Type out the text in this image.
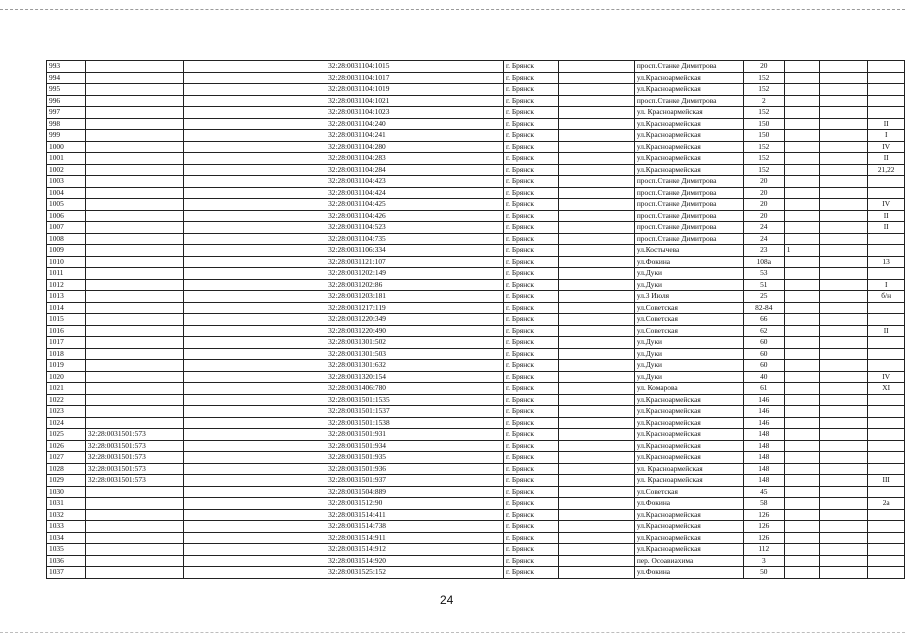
993		32:28:0031104:1015	г. Брянск		просп.Станке Димитрова	20			
994		32:28:0031104:1017	г. Брянск		ул.Красноармейская	152			
995		32:28:0031104:1019	г. Брянск		ул.Красноармейская	152			
996		32:28:0031104:1021	г. Брянск		просп.Станке Димитрова	2			
997		32:28:0031104:1023	г. Брянск		ул. Красноармейская	152			
998		32:28:0031104:240	г. Брянск		ул.Красноармейская	150			II
999		32:28:0031104:241	г. Брянск		ул.Красноармейская	150			I
1000		32:28:0031104:280	г. Брянск		ул.Красноармейская	152			IV
1001		32:28:0031104:283	г. Брянск		ул.Красноармейская	152			II
1002		32:28:0031104:284	г. Брянск		ул.Красноармейская	152			21,22
1003		32:28:0031104:423	г. Брянск		просп.Станке Димитрова	20			
1004		32:28:0031104:424	г. Брянск		просп.Станке Димитрова	20			
1005		32:28:0031104:425	г. Брянск		просп.Станке Димитрова	20			IV
1006		32:28:0031104:426	г. Брянск		просп.Станке Димитрова	20			II
1007		32:28:0031104:523	г. Брянск		просп.Станке Димитрова	24			II
1008		32:28:0031104:735	г. Брянск		просп.Станке Димитрова	24			
1009		32:28:0031106:334	г. Брянск		ул.Костычева	23	1		
1010		32:28:0031121:107	г. Брянск		ул.Фокина	108а			13
1011		32:28:0031202:149	г. Брянск		ул.Дуки	53			
1012		32:28:0031202:86	г. Брянск		ул.Дуки	51			I
1013		32:28:0031203:181	г. Брянск		ул.3 Июля	25			б/н
1014		32:28:0031217:119	г. Брянск		ул.Советская	82-84			
1015		32:28:0031220:349	г. Брянск		ул.Советская	66			
1016		32:28:0031220:490	г. Брянск		ул.Советская	62			II
1017		32:28:0031301:502	г. Брянск		ул.Дуки	60			
1018		32:28:0031301:503	г. Брянск		ул.Дуки	60			
1019		32:28:0031301:632	г. Брянск		ул.Дуки	60			
1020		32:28:0031320:154	г. Брянск		ул.Дуки	40			IV
1021		32:28:0031406:780	г. Брянск		ул. Комарова	61			XI
1022		32:28:0031501:1535	г. Брянск		ул.Красноармейская	146			
1023		32:28:0031501:1537	г. Брянск		ул.Красноармейская	146			
1024		32:28:0031501:1538	г. Брянск		ул.Красноармейская	146			
1025	32:28:0031501:573	32:28:0031501:931	г. Брянск		ул.Красноармейская	148			
1026	32:28:0031501:573	32:28:0031501:934	г. Брянск		ул.Красноармейская	148			
1027	32:28:0031501:573	32:28:0031501:935	г. Брянск		ул.Красноармейская	148			
1028	32:28:0031501:573	32:28:0031501:936	г. Брянск		ул. Красноармейская	148			
1029	32:28:0031501:573	32:28:0031501:937	г. Брянск		ул. Красноармейская	148			III
1030		32:28:0031504:889	г. Брянск		ул.Советская	45			
1031		32:28:0031512:90	г. Брянск		ул.Фокина	58			2а
1032		32:28:0031514:411	г. Брянск		ул.Красноармейская	126			
1033		32:28:0031514:738	г. Брянск		ул.Красноармейская	126			
1034		32:28:0031514:911	г. Брянск		ул.Красноармейская	126			
1035		32:28:0031514:912	г. Брянск		ул.Красноармейская	112			
1036		32:28:0031514:920	г. Брянск		пер. Осоавиахима	3			
1037		32:28:0031525:152	г. Брянск		ул.Фокина	50			
24
